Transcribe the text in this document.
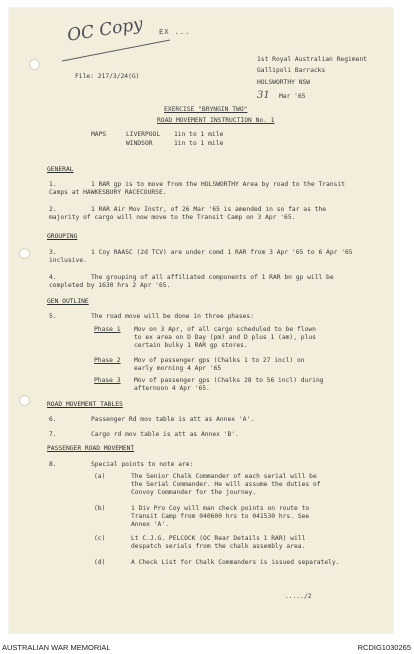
OC Copy EX ...
1st Royal Australian Regiment
Gallipoli Barracks
HOLSWORTHY NSW
31 Mar '65
File: 217/3/24(G)
EXERCISE "BRYNGIN TWO"
ROAD MOVEMENT INSTRUCTION No. 1
MAPS	LIVERPOOL 1in to 1 mile
WINDSOR	1in to 1 mile
GENERAL
1.	1 RAR gp is to move from the HOLSWORTHY Area by road to the Transit Camps at HAWKESBURY RACECOURSE.
2.	1 RAR Air Mov Instr, of 26 Mar '65 is amended in so far as the majority of cargo will now move to the Transit Camp on 3 Apr '65.
GROUPING
3.	1 Coy RAASC (2d TCV) are under comd 1 RAR from 3 Apr '65 to 6 Apr '65 inclusive.
4.	The grouping of all affiliated components of 1 RAR bn gp will be completed by 1630 hrs 2 Apr '65.
GEN OUTLINE
5.	The road move will be done in three phases:
Phase 1 Mov on 3 Apr, of all cargo scheduled to be flown
to ex area on D Day (pm) and D plus 1 (am), plus
certain bulky 1 RAR gp stores.
Phase 2 Mov of passenger gps (Chalks 1 to 27 incl) on
early morning 4 Apr '65
Phase 3 Mov of passenger gps (Chalks 28 to 56 incl) during
afternoon 4 Apr '65.
ROAD MOVEMENT TABLES
6.	Passenger Rd mov table is att as Annex 'A'.
7.	Cargo rd mov table is att as Annex 'B'.
PASSENGER ROAD MOVEMENT
8.	Special points to note are:
(a)	The Senior Chalk Commander of each serial will be
the Serial Commander. He will assume the duties of
Convoy Commander for the journey.
(b)	1 Div Pro Coy will man check points on route to
Transit Camp from 040600 hrs to 041530 hrs. See
Annex 'A'.
(c)	Lt C.J.G. PELCOCK (OC Rear Details 1 RAR) will
despatch serials from the chalk assembly area.
(d)	A Check List for Chalk Commanders is issued separately.
...../2
AUSTRALIAN WAR MEMORIAL	RCDIG1030265
